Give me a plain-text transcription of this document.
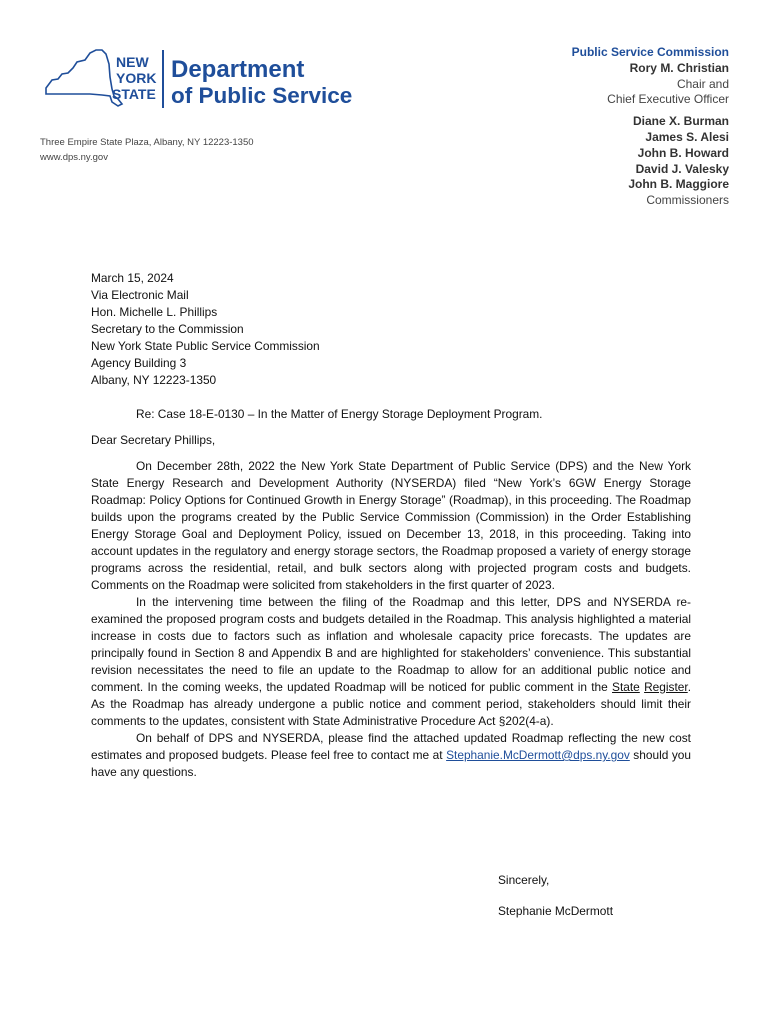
NEW
YORK
STATE
Department
of Public Service
Three Empire State Plaza, Albany, NY 12223-1350
www.dps.ny.gov
Public Service Commission
Rory M. Christian
Chair and
Chief Executive Officer
Diane X. Burman
James S. Alesi
John B. Howard
David J. Valesky
John B. Maggiore
Commissioners
March 15, 2024
Via Electronic Mail
Hon. Michelle L. Phillips
Secretary to the Commission
New York State Public Service Commission
Agency Building 3
Albany, NY 12223-1350
Re: Case 18-E-0130 – In the Matter of Energy Storage Deployment Program.
Dear Secretary Phillips,

On December 28th, 2022 the New York State Department of Public Service (DPS) and the New York State Energy Research and Development Authority (NYSERDA) filed “New York’s 6GW Energy Storage Roadmap: Policy Options for Continued Growth in Energy Storage” (Roadmap), in this proceeding. The Roadmap builds upon the programs created by the Public Service Commission (Commission) in the Order Establishing Energy Storage Goal and Deployment Policy, issued on December 13, 2018, in this proceeding. Taking into account updates in the regulatory and energy storage sectors, the Roadmap proposed a variety of energy storage programs across the residential, retail, and bulk sectors along with projected program costs and budgets. Comments on the Roadmap were solicited from stakeholders in the first quarter of 2023.

In the intervening time between the filing of the Roadmap and this letter, DPS and NYSERDA re-examined the proposed program costs and budgets detailed in the Roadmap. This analysis highlighted a material increase in costs due to factors such as inflation and wholesale capacity price forecasts. The updates are principally found in Section 8 and Appendix B and are highlighted for stakeholders’ convenience. This substantial revision necessitates the need to file an update to the Roadmap to allow for an additional public notice and comment. In the coming weeks, the updated Roadmap will be noticed for public comment in the State Register. As the Roadmap has already undergone a public notice and comment period, stakeholders should limit their comments to the updates, consistent with State Administrative Procedure Act §202(4-a).

On behalf of DPS and NYSERDA, please find the attached updated Roadmap reflecting the new cost estimates and proposed budgets. Please feel free to contact me at Stephanie.McDermott@dps.ny.gov should you have any questions.

Sincerely,
Stephanie McDermott
